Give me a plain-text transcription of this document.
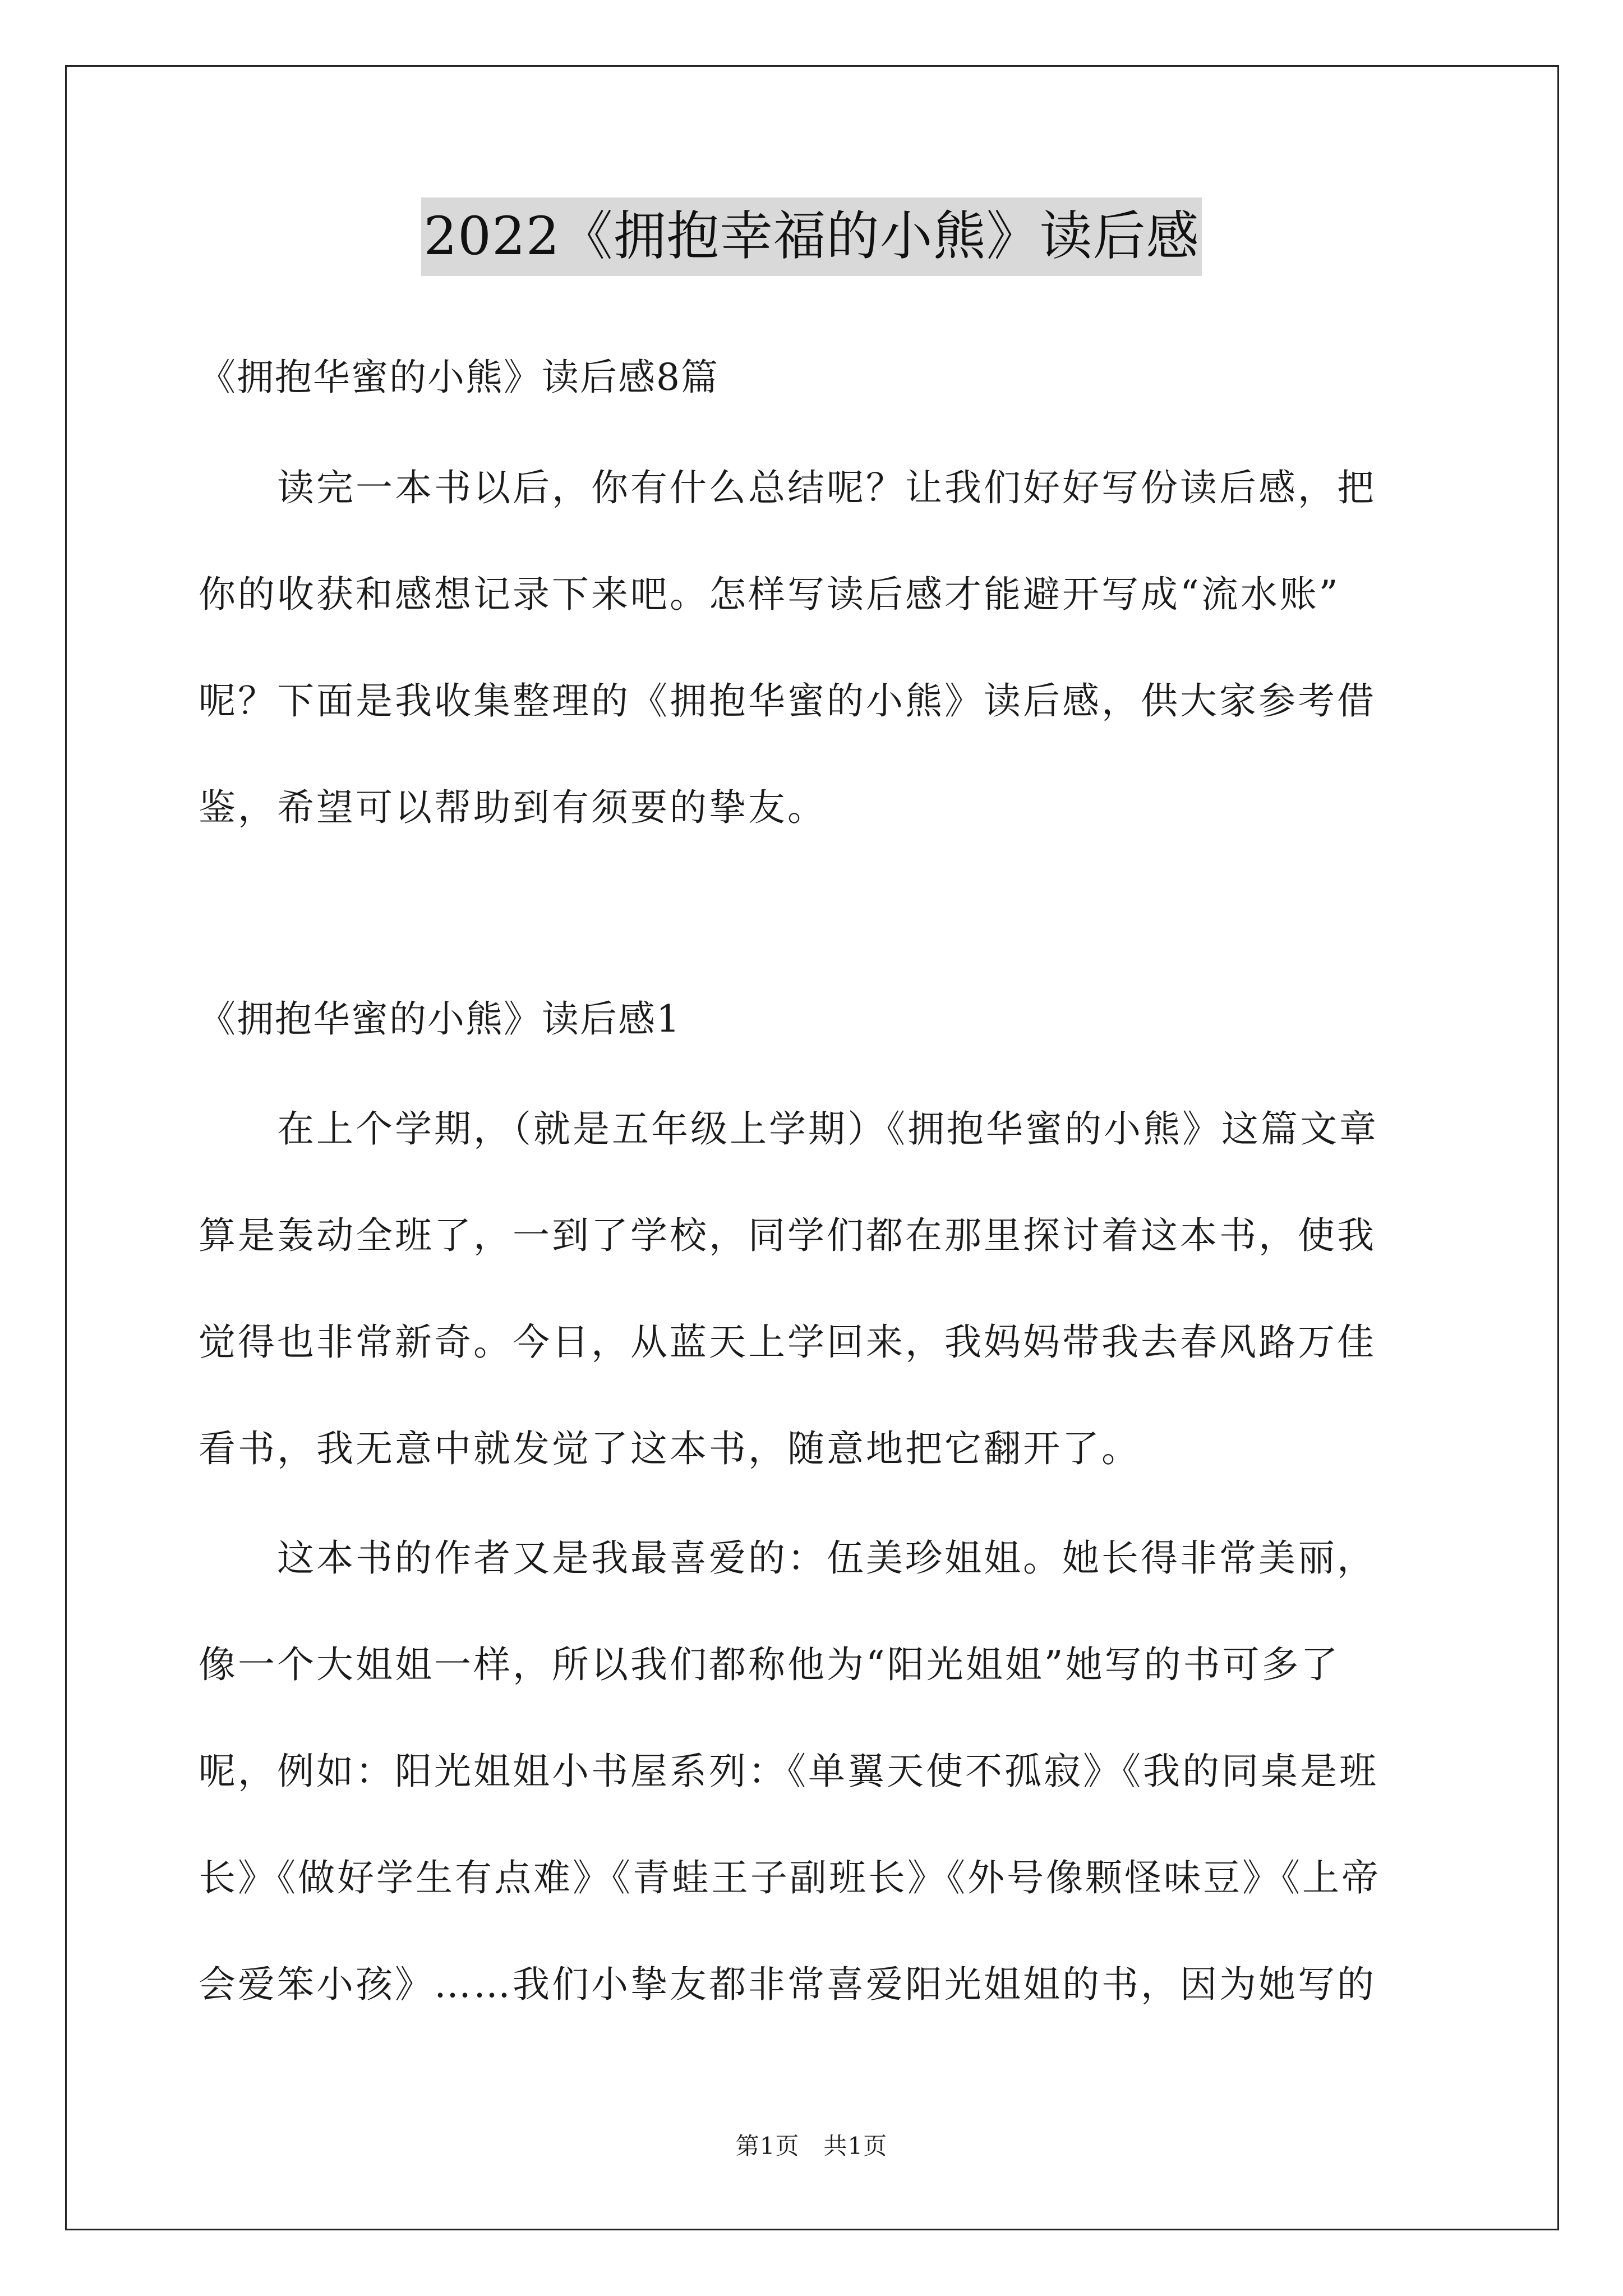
2022《拥抱幸福的小熊》读后感
《拥抱华蜜的小熊》读后感8篇
　　读完一本书以后，你有什么总结呢？让我们好好写份读后感，把
你的收获和感想记录下来吧。怎样写读后感才能避开写成“流水账”
呢？下面是我收集整理的《拥抱华蜜的小熊》读后感，供大家参考借
鉴，希望可以帮助到有须要的挚友。
《拥抱华蜜的小熊》读后感1
　　在上个学期，（就是五年级上学期）《拥抱华蜜的小熊》这篇文章
算是轰动全班了，一到了学校，同学们都在那里探讨着这本书，使我
觉得也非常新奇。今日，从蓝天上学回来，我妈妈带我去春风路万佳
看书，我无意中就发觉了这本书，随意地把它翻开了。
　　这本书的作者又是我最喜爱的：伍美珍姐姐。她长得非常美丽，
像一个大姐姐一样，所以我们都称他为“阳光姐姐”她写的书可多了
呢，例如：阳光姐姐小书屋系列：《单翼天使不孤寂》《我的同桌是班
长》《做好学生有点难》《青蛙王子副班长》《外号像颗怪味豆》《上帝
会爱笨小孩》……我们小挚友都非常喜爱阳光姐姐的书，因为她写的
第1页　共1页
